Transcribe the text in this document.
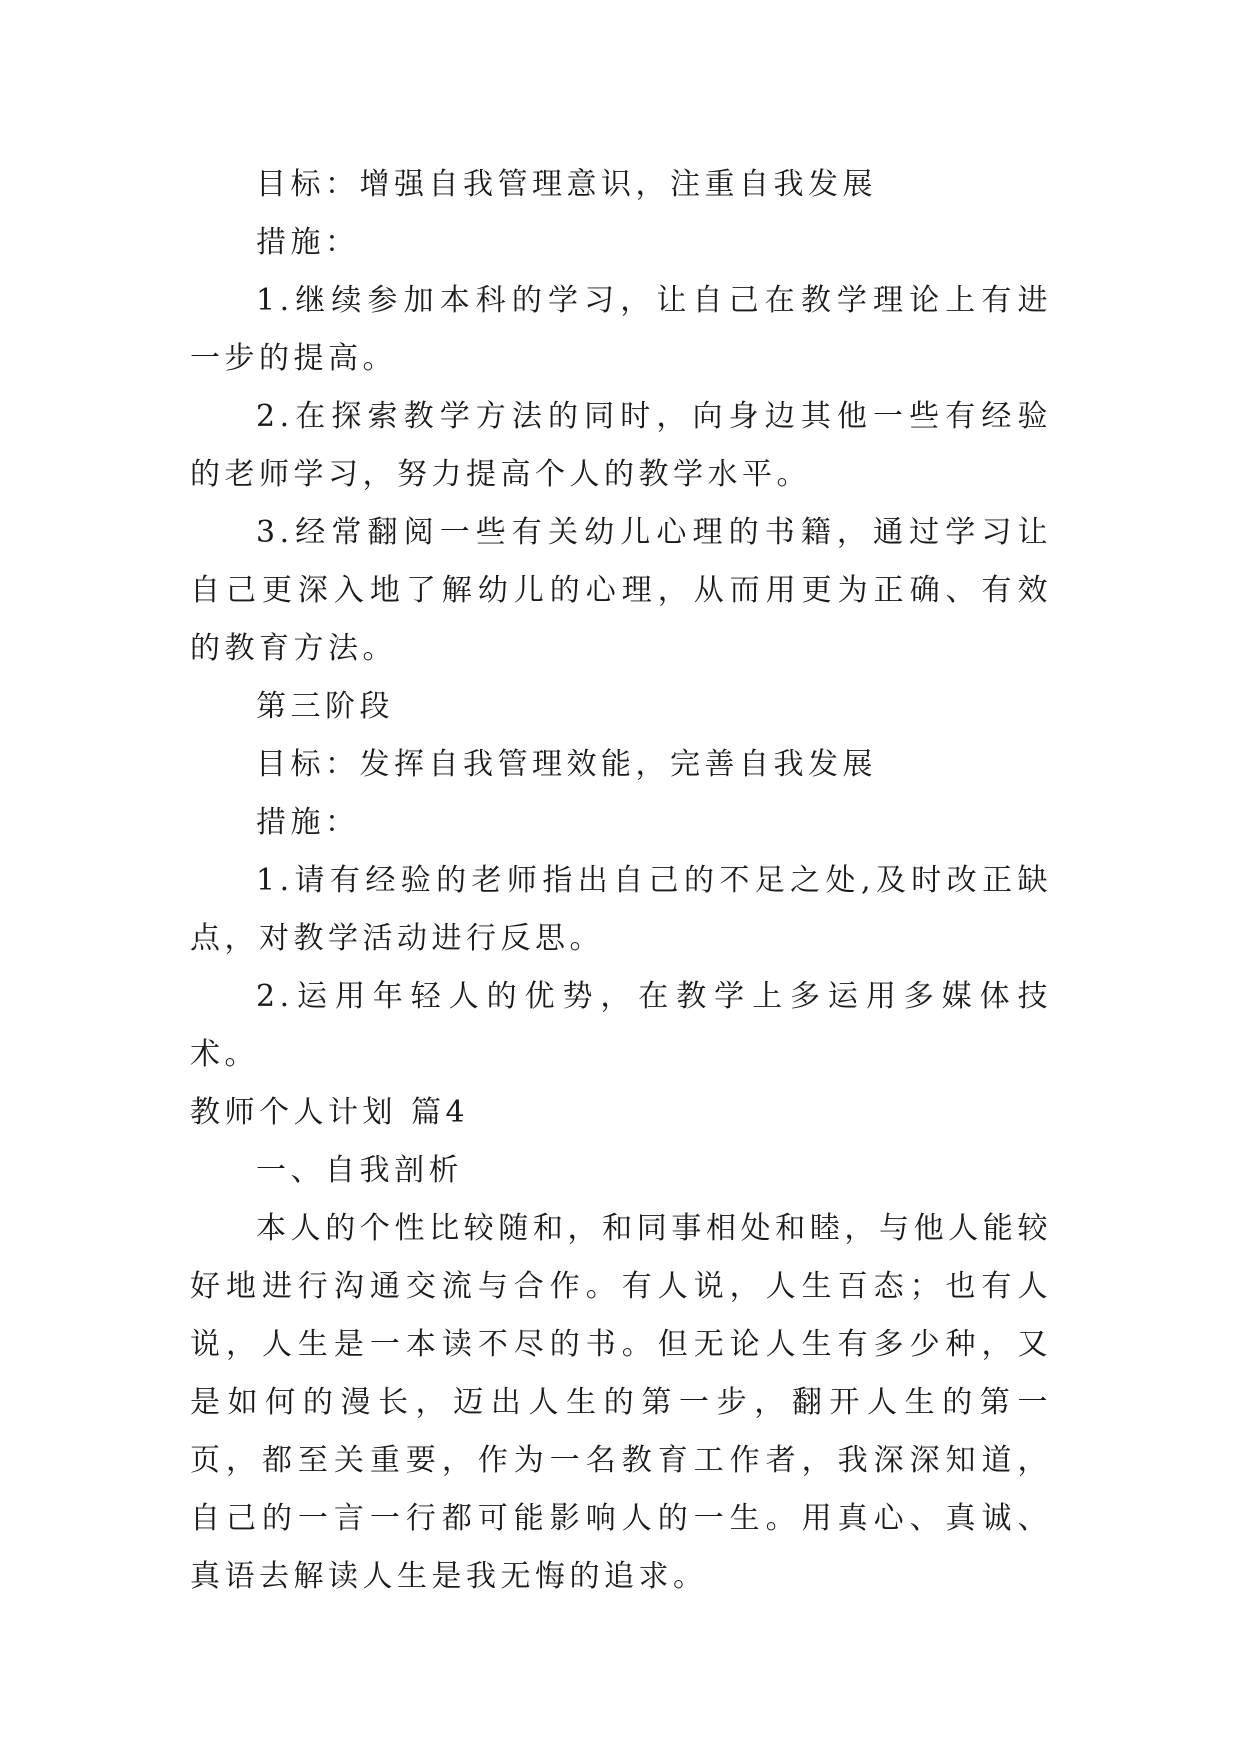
目标：增强自我管理意识，注重自我发展

措施：

1.继续参加本科的学习，让自己在教学理论上有进一步的提高。

2.在探索教学方法的同时，向身边其他一些有经验的老师学习，努力提高个人的教学水平。

3.经常翻阅一些有关幼儿心理的书籍，通过学习让自己更深入地了解幼儿的心理，从而用更为正确、有效的教育方法。

第三阶段

目标：发挥自我管理效能，完善自我发展

措施：

1.请有经验的老师指出自己的不足之处,及时改正缺点，对教学活动进行反思。

2.运用年轻人的优势，在教学上多运用多媒体技术。

教师个人计划 篇4

一、自我剖析

本人的个性比较随和，和同事相处和睦，与他人能较好地进行沟通交流与合作。有人说，人生百态；也有人说，人生是一本读不尽的书。但无论人生有多少种，又是如何的漫长，迈出人生的第一步，翻开人生的第一页，都至关重要，作为一名教育工作者，我深深知道，自己的一言一行都可能影响人的一生。用真心、真诚、真语去解读人生是我无悔的追求。
